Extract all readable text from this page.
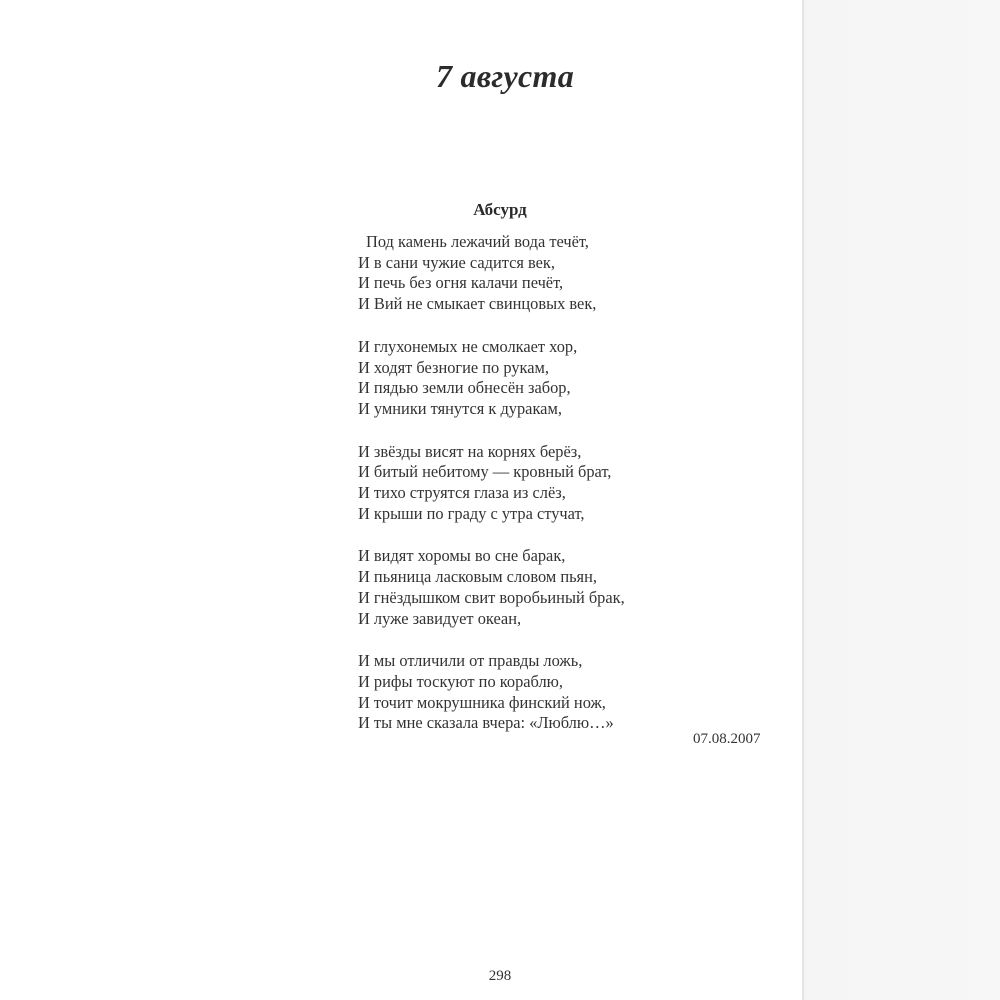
7 августа
Абсурд
Под камень лежачий вода течёт,
И в сани чужие садится век,
И печь без огня калачи печёт,
И Вий не смыкает свинцовых век,
И глухонемых не смолкает хор,
И ходят безногие по рукам,
И пядью земли обнесён забор,
И умники тянутся к дуракам,
И звёзды висят на корнях берёз,
И битый небитому — кровный брат,
И тихо струятся глаза из слёз,
И крыши по граду с утра стучат,
И видят хоромы во сне барак,
И пьяница ласковым словом пьян,
И гнёздышком свит воробьиный брак,
И луже завидует океан,
И мы отличили от правды ложь,
И рифы тоскуют по кораблю,
И точит мокрушника финский нож,
И ты мне сказала вчера: «Люблю…»
07.08.2007
298
